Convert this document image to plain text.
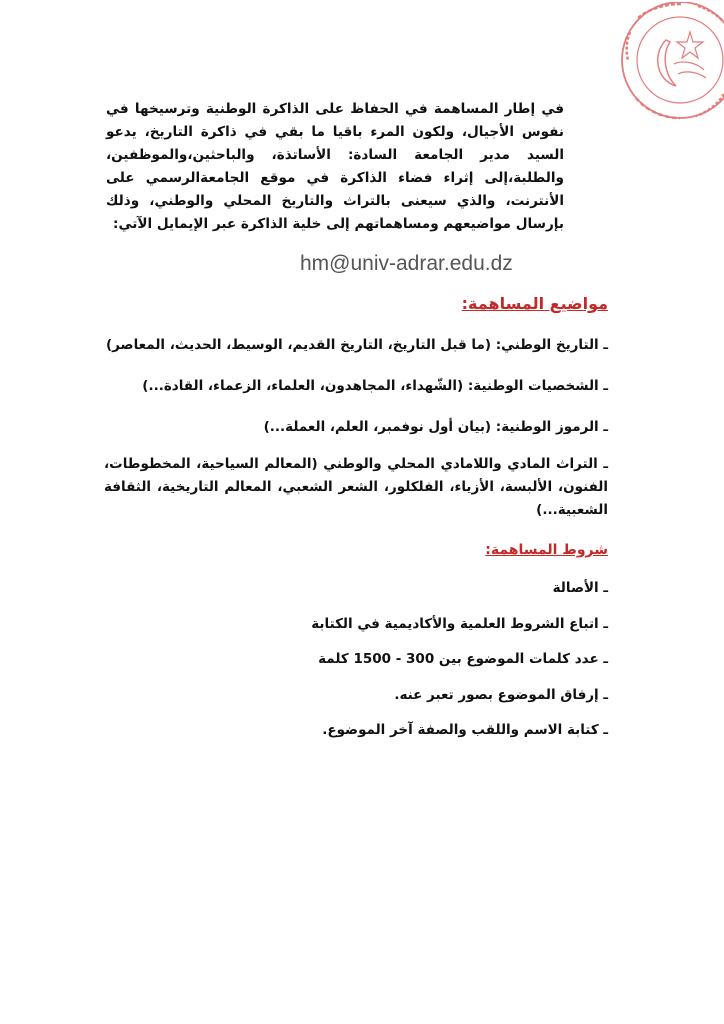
في إطار المساهمة في الحفاظ على الذاكرة الوطنية وترسيخها في نفوس الأجيال، ولكون المرء باقيا ما بقي في ذاكرة التاريخ، يدعو السيد مدير الجامعة السادة: الأساتذة، والباحثين،والموظفين، والطلبة،إلى إثراء فضاء الذاكرة في موقع الجامعةالرسمي على الأنترنت، والذي سيعنى بالتراث والتاريخ المحلي والوطني، وذلك بإرسال مواضيعهم ومساهماتهم إلى خلية الذاكرة عبر الإيمايل الآتي:

hm@univ-adrar.edu.dz
مواضيع المساهمة:
ـ التاريخ الوطني: (ما قبل التاريخ، التاريخ القديم، الوسيط، الحديث، المعاصر)
ـ الشخصيات الوطنية: (الشّهداء، المجاهدون، العلماء، الزعماء، القادة...)
ـ الرموز الوطنية: (بيان أول نوفمبر، العلم، العملة...)
ـ التراث المادي واللامادي المحلي والوطني (المعالم السياحية، المخطوطات، الفنون، الألبسة، الأزياء، الفلكلور، الشعر الشعبي، المعالم التاريخية، الثقافة الشعبية...)
شروط المساهمة:
ـ الأصالة
ـ اتباع الشروط العلمية والأكاديمية في الكتابة
ـ عدد كلمات الموضوع بين 300 - 1500 كلمة
ـ إرفاق الموضوع بصور تعبر عنه.
ـ كتابة الاسم واللقب والصفة آخر الموضوع.
